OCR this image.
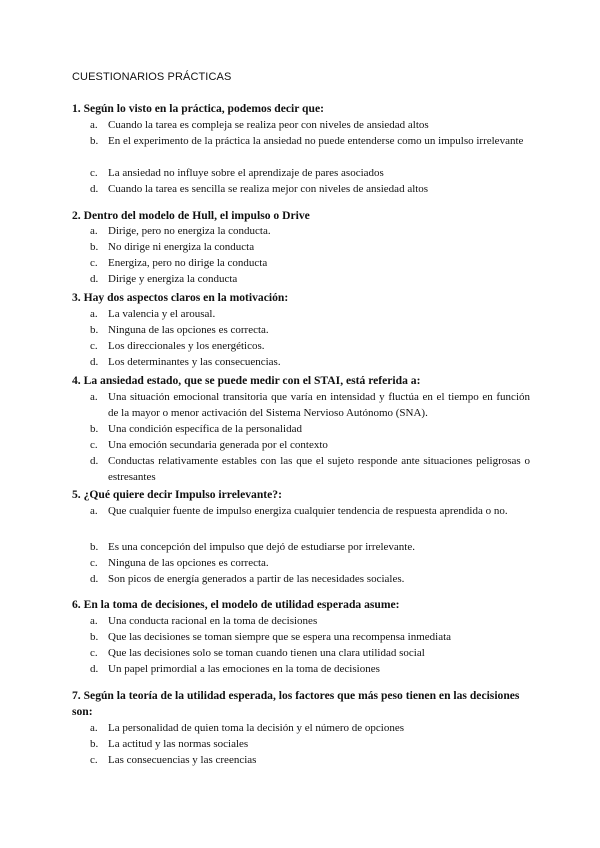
CUESTIONARIOS PRÁCTICAS
1. Según lo visto en la práctica, podemos decir que:
a. Cuando la tarea es compleja se realiza peor con niveles de ansiedad altos
b. En el experimento de la práctica la ansiedad no puede entenderse como un impulso irrelevante
c. La ansiedad no influye sobre el aprendizaje de pares asociados
d. Cuando la tarea es sencilla se realiza mejor con niveles de ansiedad altos
2. Dentro del modelo de Hull, el impulso o Drive
a. Dirige, pero no energiza la conducta.
b. No dirige ni energiza la conducta
c. Energiza, pero no dirige la conducta
d. Dirige y energiza la conducta
3. Hay dos aspectos claros en la motivación:
a. La valencia y el arousal.
b. Ninguna de las opciones es correcta.
c. Los direccionales y los energéticos.
d. Los determinantes y las consecuencias.
4. La ansiedad estado, que se puede medir con el STAI, está referida a:
a. Una situación emocional transitoria que varía en intensidad y fluctúa en el tiempo en función de la mayor o menor activación del Sistema Nervioso Autónomo (SNA).
b. Una condición específica de la personalidad
c. Una emoción secundaria generada por el contexto
d. Conductas relativamente estables con las que el sujeto responde ante situaciones peligrosas o estresantes
5. ¿Qué quiere decir Impulso irrelevante?:
a. Que cualquier fuente de impulso energiza cualquier tendencia de respuesta aprendida o no.
b. Es una concepción del impulso que dejó de estudiarse por irrelevante.
c. Ninguna de las opciones es correcta.
d. Son picos de energía generados a partir de las necesidades sociales.
6. En la toma de decisiones, el modelo de utilidad esperada asume:
a. Una conducta racional en la toma de decisiones
b. Que las decisiones se toman siempre que se espera una recompensa inmediata
c. Que las decisiones solo se toman cuando tienen una clara utilidad social
d. Un papel primordial a las emociones en la toma de decisiones
7. Según la teoría de la utilidad esperada, los factores que más peso tienen en las decisiones son:
a. La personalidad de quien toma la decisión y el número de opciones
b. La actitud y las normas sociales
c. Las consecuencias y las creencias
